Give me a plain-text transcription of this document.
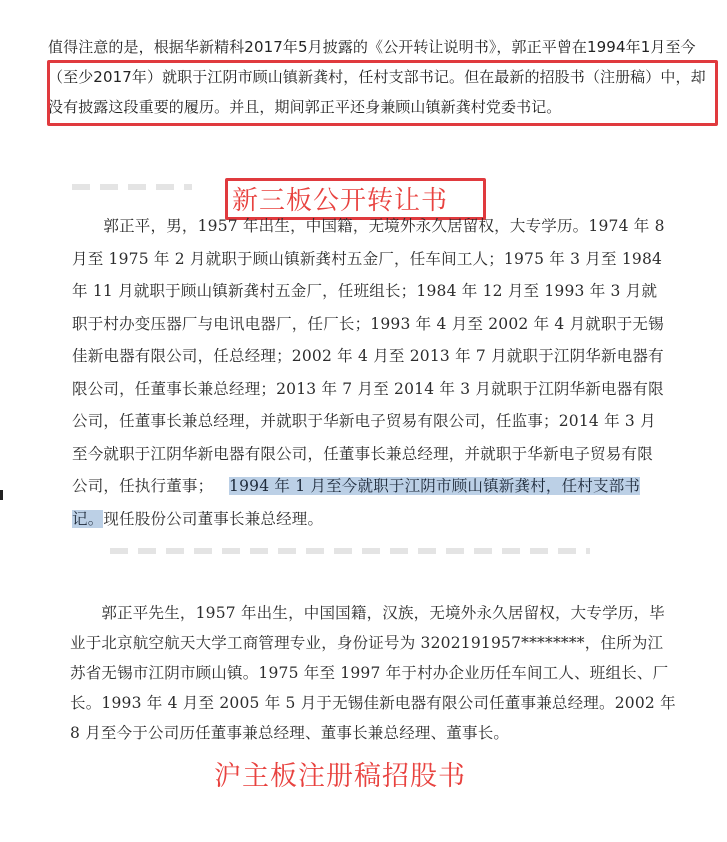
值得注意的是，根据华新精科2017年5月披露的《公开转让说明书》，郭正平曾在1994年1月至今（至少2017年）就职于江阴市顾山镇新龚村，任村支部书记。但在最新的招股书（注册稿）中，却没有披露这段重要的履历。并且，期间郭正平还身兼顾山镇新龚村党委书记。

新三板公开转让书

  郭正平，男，1957 年出生，中国籍，无境外永久居留权，大专学历。1974 年 8 月至 1975 年 2 月就职于顾山镇新龚村五金厂，任车间工人；1975 年 3 月至 1984 年 11 月就职于顾山镇新龚村五金厂，任班组长；1984 年 12 月至 1993 年 3 月就职于村办变压器厂与电讯电器厂，任厂长；1993 年 4 月至 2002 年 4 月就职于无锡佳新电器有限公司，任总经理；2002 年 4 月至 2013 年 7 月就职于江阴华新电器有限公司，任董事长兼总经理；2013 年 7 月至 2014 年 3 月就职于江阴华新电器有限公司，任董事长兼总经理，并就职于华新电子贸易有限公司，任监事；2014 年 3 月至今就职于江阴华新电器有限公司，任董事长兼总经理，并就职于华新电子贸易有限公司，任执行董事；  1994 年 1 月至今就职于江阴市顾山镇新龚村，任村支部书记。现任股份公司董事长兼总经理。

  郭正平先生，1957 年出生，中国国籍，汉族，无境外永久居留权，大专学历，毕业于北京航空航天大学工商管理专业，身份证号为 3202191957********，住所为江苏省无锡市江阴市顾山镇。1975 年至 1997 年于村办企业历任车间工人、班组长、厂长。1993 年 4 月至 2005 年 5 月于无锡佳新电器有限公司任董事兼总经理。2002 年 8 月至今于公司历任董事兼总经理、董事长兼总经理、董事长。

沪主板注册稿招股书
